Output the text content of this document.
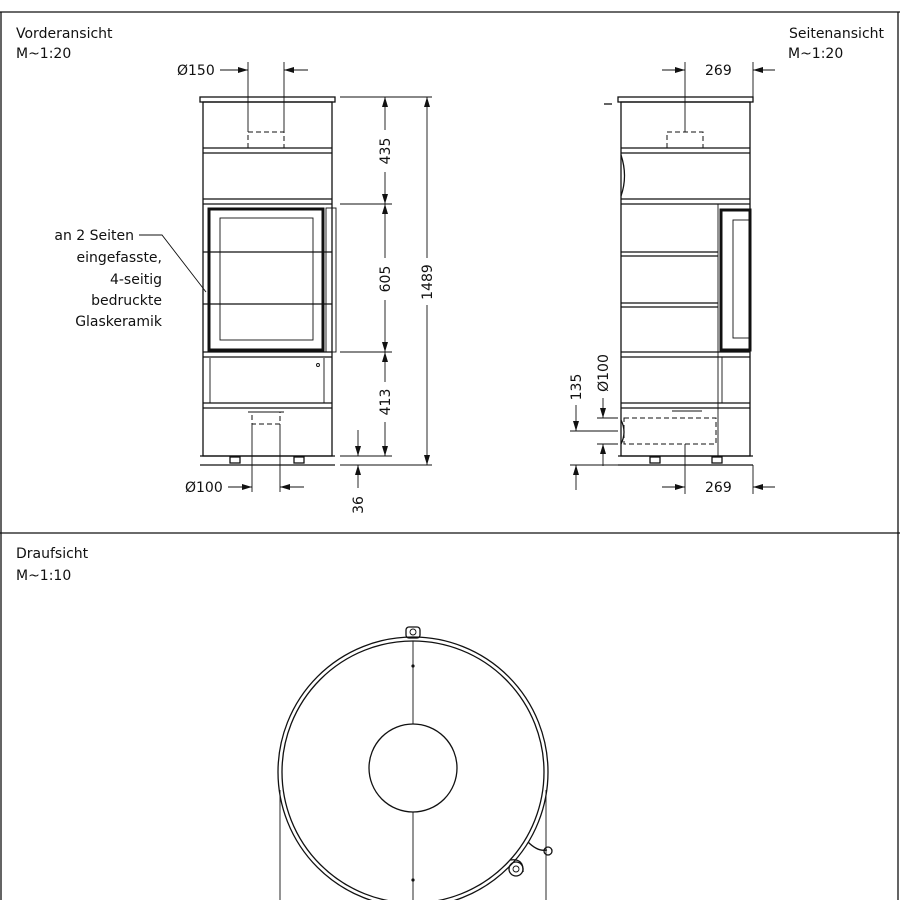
Vorderansicht
M~1:20
Seitenansicht
M~1:20
Draufsicht
M~1:10
Ø150
Ø100
435
605
413
1489
36
an 2 Seiten
eingefasste,
4-seitig
bedruckte
Glaskeramik
269
269
135 Ø100
